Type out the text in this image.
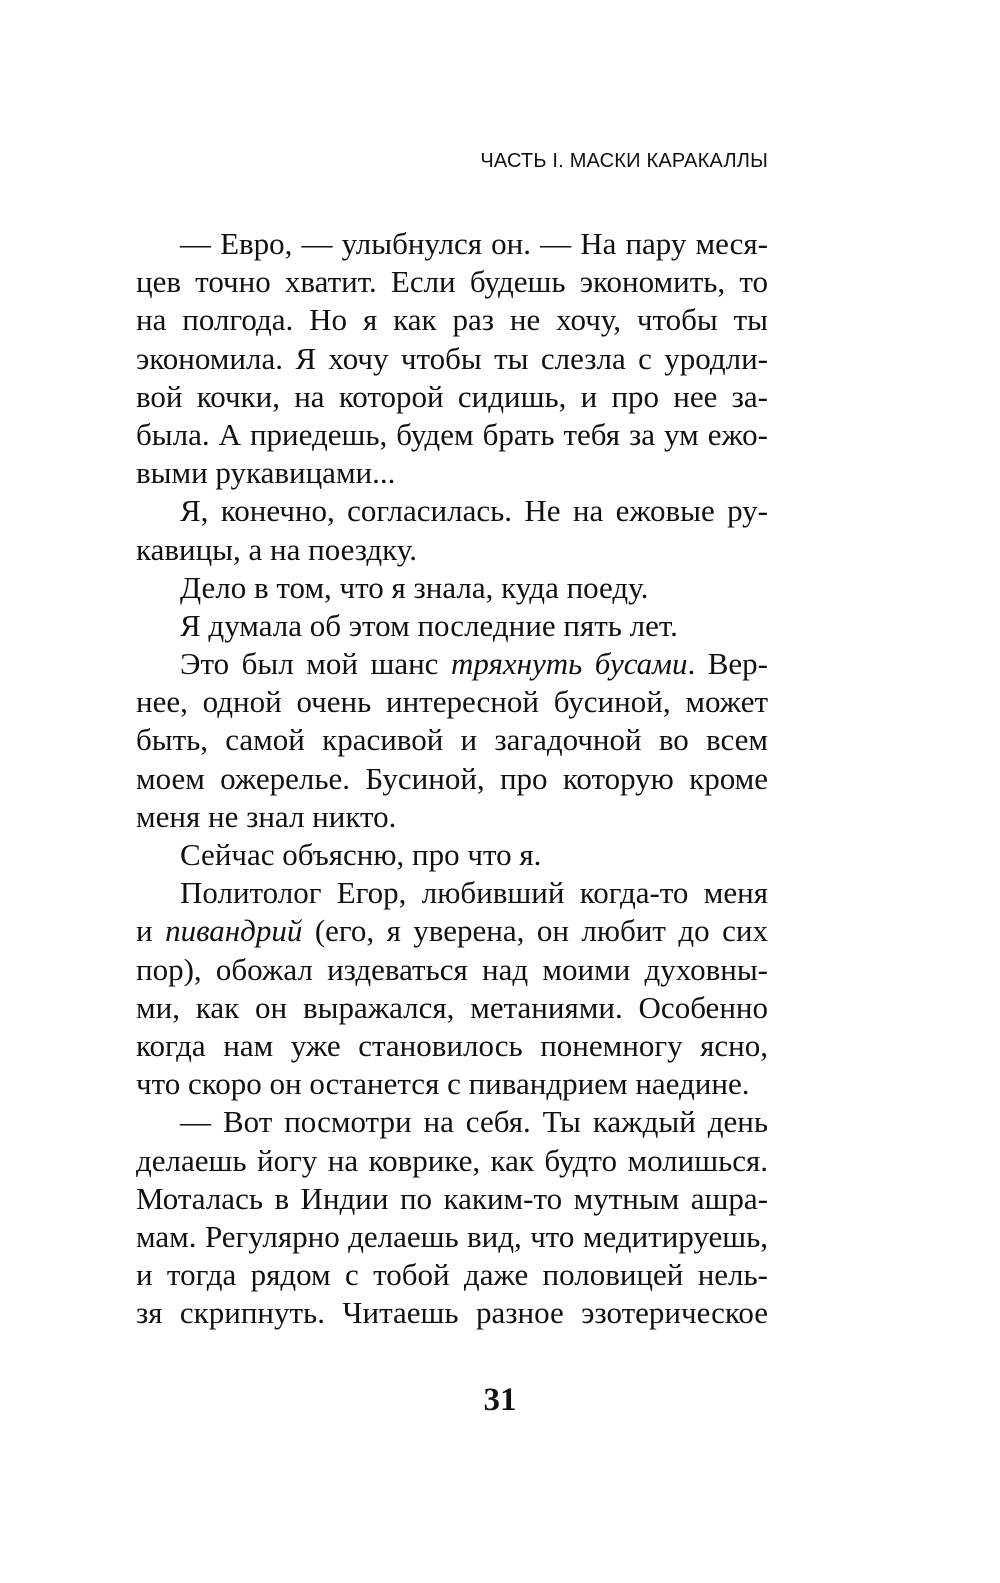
ЧАСТЬ I. МАСКИ КАРАКАЛЛЫ
— Евро, — улыбнулся он. — На пару меся-
цев точно хватит. Если будешь экономить, то
на полгода. Но я как раз не хочу, чтобы ты
экономила. Я хочу чтобы ты слезла с уродли-
вой кочки, на которой сидишь, и про нее за-
была. А приедешь, будем брать тебя за ум ежо-
выми рукавицами...
Я, конечно, согласилась. Не на ежовые ру-
кавицы, а на поездку.
Дело в том, что я знала, куда поеду.
Я думала об этом последние пять лет.
Это был мой шанс тряхнуть бусами. Вер-
нее, одной очень интересной бусиной, может
быть, самой красивой и загадочной во всем
моем ожерелье. Бусиной, про которую кроме
меня не знал никто.
Сейчас объясню, про что я.
Политолог Егор, любивший когда-то меня
и пивандрий (его, я уверена, он любит до сих
пор), обожал издеваться над моими духовны-
ми, как он выражался, метаниями. Особенно
когда нам уже становилось понемногу ясно,
что скоро он останется с пивандрием наедине.
— Вот посмотри на себя. Ты каждый день
делаешь йогу на коврике, как будто молишься.
Моталась в Индии по каким-то мутным ашра-
мам. Регулярно делаешь вид, что медитируешь,
и тогда рядом с тобой даже половицей нель-
зя скрипнуть. Читаешь разное эзотерическое
31
